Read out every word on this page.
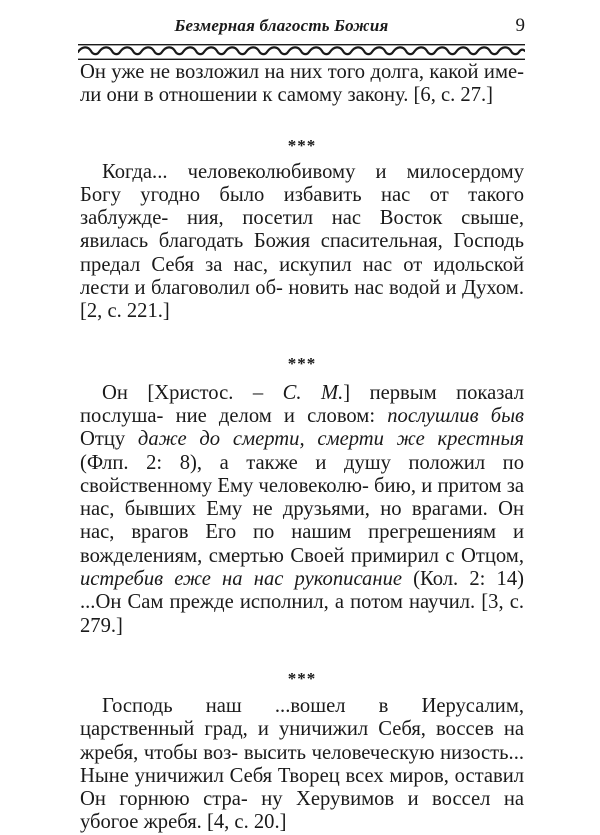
Безмерная благость Божия	9

Он уже не возложил на них того долга, какой име- ли они в отношении к самому закону. [6, с. 27.]

***

Когда... человеколюбивому и милосердому Богу угодно было избавить нас от такого заблужде- ния, посетил нас Восток свыше, явилась благодать Божия спасительная, Господь предал Себя за нас, искупил нас от идольской лести и благоволил об- новить нас водой и Духом. [2, с. 221.]

***

Он [Христос. – С. М.] первым показал послуша- ние делом и словом: послушлив быв Отцу даже до смерти, смерти же крестныя (Флп. 2: 8), а также и душу положил по свойственному Ему человеколю- бию, и притом за нас, бывших Ему не друзьями, но врагами. Он нас, врагов Его по нашим прегрешениям и вожделениям, смертью Своей примирил с Отцом, истребив еже на нас рукописание (Кол. 2: 14) ...Он Сам прежде исполнил, а потом научил. [3, с. 279.]

***

Господь наш ...вошел в Иерусалим, царственный град, и уничижил Себя, воссев на жребя, чтобы воз- высить человеческую низость... Ныне уничижил Себя Творец всех миров, оставил Он горнюю стра- ну Херувимов и воссел на убогое жребя. [4, с. 20.]
